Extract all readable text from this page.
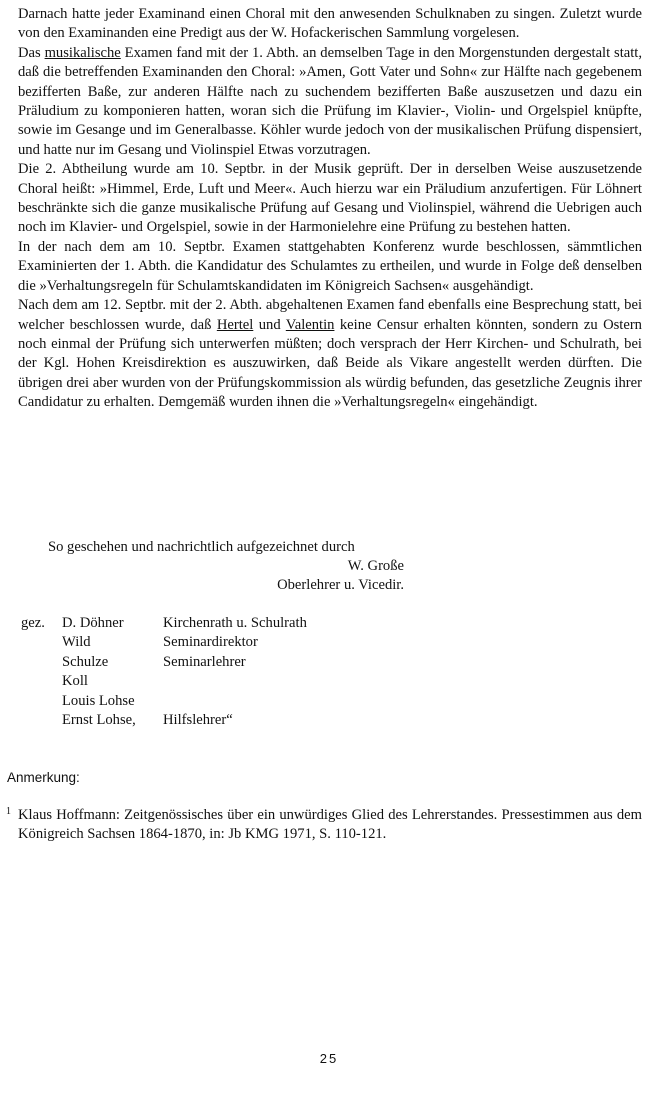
Darnach hatte jeder Examinand einen Choral mit den anwesenden Schulknaben zu singen. Zuletzt wurde von den Examinanden eine Predigt aus der W. Hofackerischen Sammlung vorgelesen.

Das musikalische Examen fand mit der 1. Abth. an demselben Tage in den Morgenstunden dergestalt statt, daß die betreffenden Examinanden den Choral: »Amen, Gott Vater und Sohn« zur Hälfte nach gegebenem bezifferten Baße, zur anderen Hälfte nach zu suchendem bezifferten Baße auszusetzen und dazu ein Präludium zu komponieren hatten, woran sich die Prüfung im Klavier-, Violin- und Orgelspiel knüpfte, sowie im Gesange und im Generalbasse. Köhler wurde jedoch von der musikalischen Prüfung dispensiert, und hatte nur im Gesang und Violinspiel Etwas vorzutragen.

Die 2. Abtheilung wurde am 10. Septbr. in der Musik geprüft. Der in derselben Weise auszusetzende Choral heißt: »Himmel, Erde, Luft und Meer«. Auch hierzu war ein Präludium anzufertigen. Für Löhnert beschränkte sich die ganze musikalische Prüfung auf Gesang und Violinspiel, während die Uebrigen auch noch im Klavier- und Orgelspiel, sowie in der Harmonielehre eine Prüfung zu bestehen hatten.

In der nach dem am 10. Septbr. Examen stattgehabten Konferenz wurde beschlossen, sämmtlichen Examinierten der 1. Abth. die Kandidatur des Schulamtes zu ertheilen, und wurde in Folge deß denselben die »Verhaltungsregeln für Schulamtskandidaten im Königreich Sachsen« ausgehändigt.

Nach dem am 12. Septbr. mit der 2. Abth. abgehaltenen Examen fand ebenfalls eine Besprechung statt, bei welcher beschlossen wurde, daß Hertel und Valentin keine Censur erhalten könnten, sondern zu Ostern noch einmal der Prüfung sich unterwerfen müßten; doch versprach der Herr Kirchen- und Schulrath, bei der Kgl. Hohen Kreisdirektion es auszuwirken, daß Beide als Vikare angestellt werden dürften. Die übrigen drei aber wurden von der Prüfungskommission als würdig befunden, das gesetzliche Zeugnis ihrer Candidatur zu erhalten. Demgemäß wurden ihnen die »Verhaltungsregeln« eingehändigt.

So geschehen und nachrichtlich aufgezeichnet durch
W. Große
Oberlehrer u. Vicedir.
gez. D. Döhner	Kirchenrath u. Schulrath
Wild	Seminardirektor
Schulze	Seminarlehrer
Koll
Louis Lohse
Ernst Lohse,	Hilfslehrer“
Anmerkung:
1 Klaus Hoffmann: Zeitgenössisches über ein unwürdiges Glied des Lehrerstandes. Pressestimmen aus dem Königreich Sachsen 1864-1870, in: Jb KMG 1971, S. 110-121.
25
